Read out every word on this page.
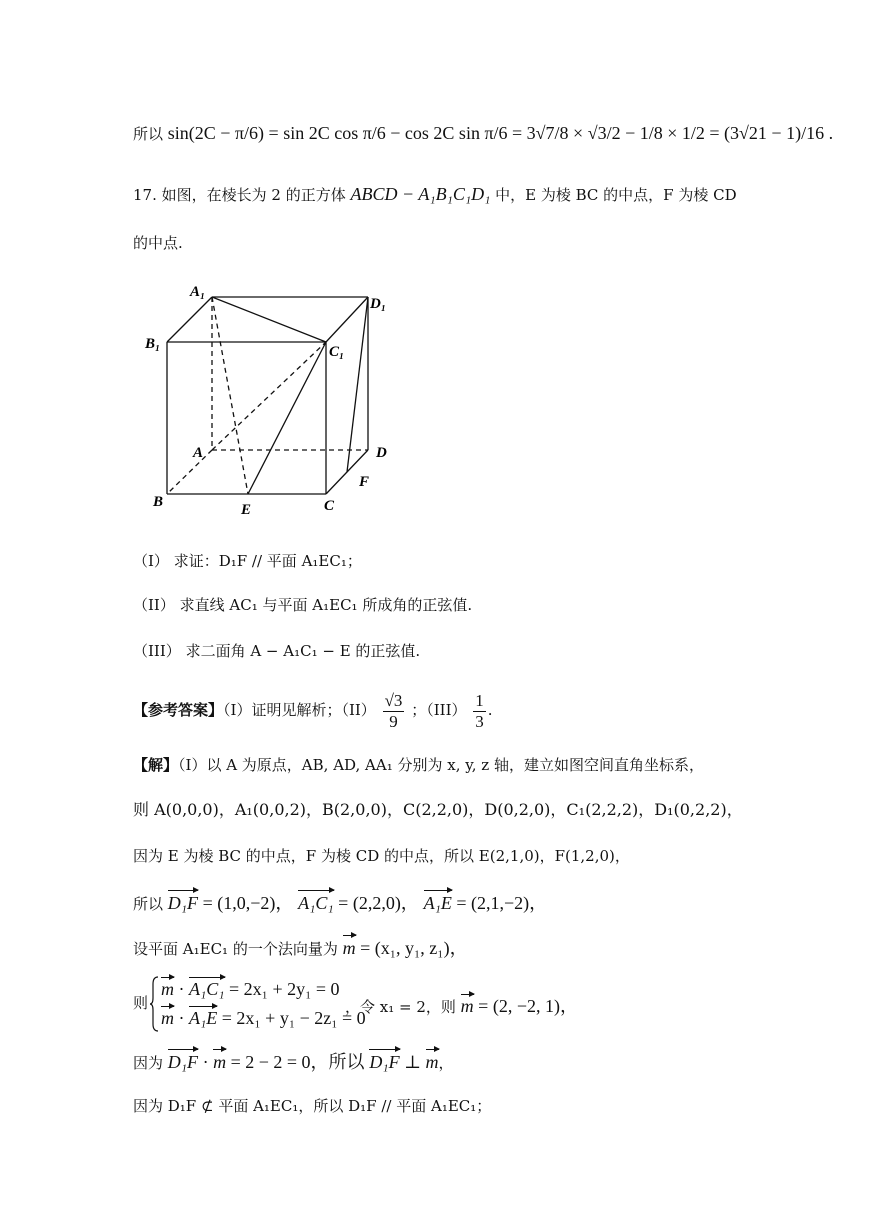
所以 sin(2C − π/6) = sin 2C cos π/6 − cos 2C sin π/6 = 3√7/8 × √3/2 − 1/8 × 1/2 = (3√21 − 1)/16 .
17. 如图，在棱长为 2 的正方体 ABCD − A₁B₁C₁D₁ 中，E 为棱 BC 的中点，F 为棱 CD
的中点.
A₁
D₁
B₁	C₁
A	D
F
B	E	C
（I） 求证：D₁F // 平面 A₁EC₁；
（II） 求直线 AC₁ 与平面 A₁EC₁ 所成角的正弦值.
（III） 求二面角 A − A₁C₁ − E 的正弦值.
【参考答案】（I）证明见解析；$(II) \frac{√3}{9}$ ；$(III) \frac{1}{3}$ .
【解】（I）以 A 为原点，AB, AD, AA₁ 分别为 x, y, z 轴，建立如图空间直角坐标系，
则 A(0,0,0)，A₁(0,0,2)，B(2,0,0)，C(2,2,0)，D(0,2,0)，C₁(2,2,2)，D₁(0,2,2)，
因为 E 为棱 BC 的中点，F 为棱 CD 的中点，所以 E(2,1,0)，F(1,2,0)，
所以 D₁F = (1,0,−2)， A₁C₁ = (2,2,0)， A₁E = (2,1,−2)，
设平面 A₁EC₁ 的一个法向量为 m = (x₁, y₁, z₁)，
则
m · A₁C₁ = 2x₁ + 2y₁ = 0
m · A₁E = 2x₁ + y₁ − 2z₁ = 0
，令 x₁ = 2，则 m = (2, −2, 1)，
因为 D₁F · m = 2 − 2 = 0，所以 D₁F ⊥ m，
因为 D₁F ⊄ 平面 A₁EC₁，所以 D₁F // 平面 A₁EC₁；
